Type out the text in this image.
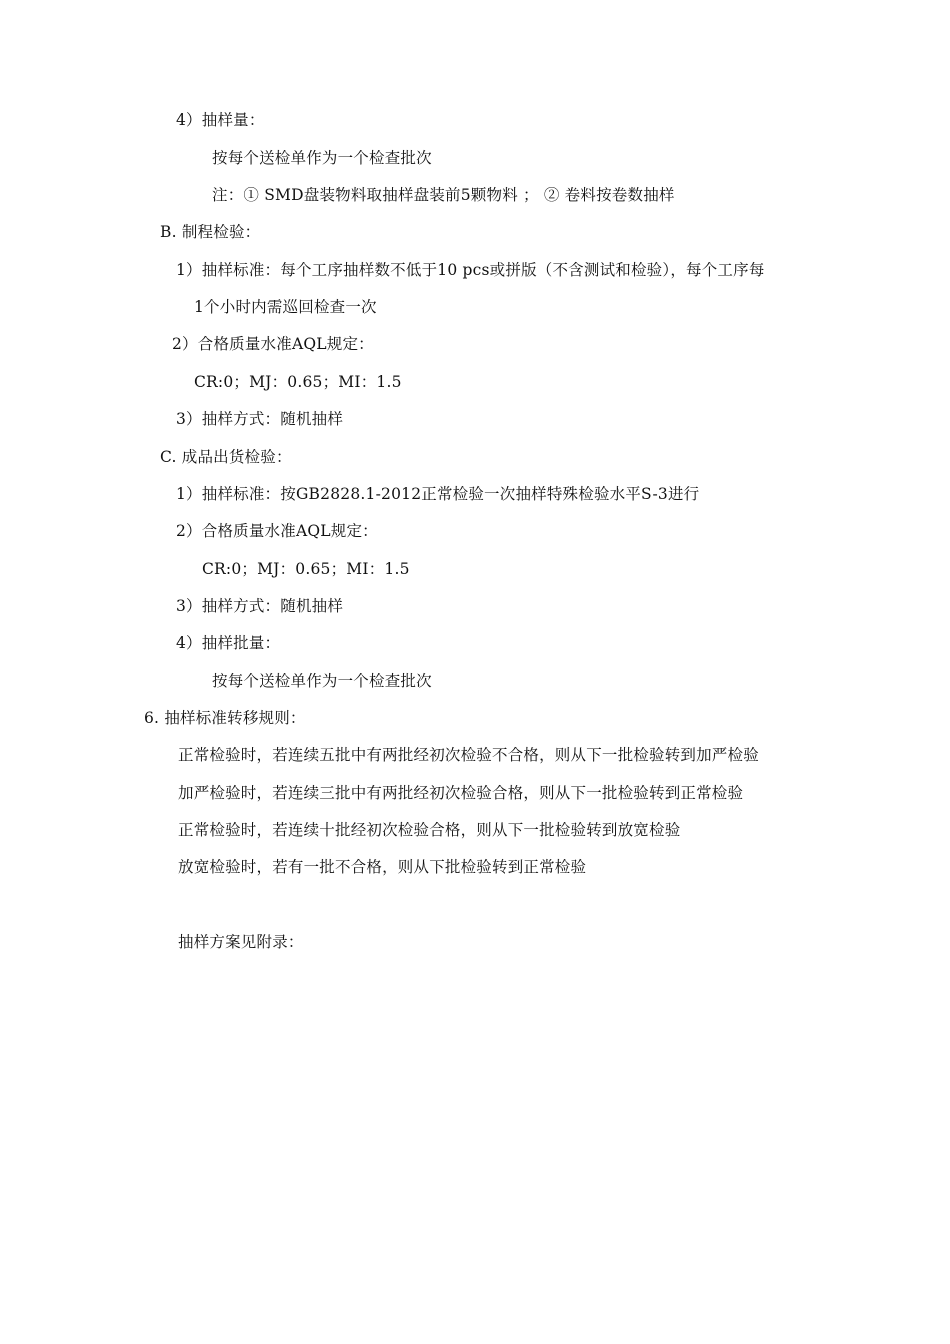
4）抽样量：
按每个送检单作为一个检查批次
注：① SMD盘装物料取抽样盘装前5颗物料 ； ② 卷料按卷数抽样
B. 制程检验：
1）抽样标准：每个工序抽样数不低于10 pcs或拼版（不含测试和检验），每个工序每
1个小时内需巡回检查一次
2）合格质量水准AQL规定：
CR:0；MJ：0.65；MI：1.5
3）抽样方式：随机抽样
C. 成品出货检验：
1）抽样标准：按GB2828.1-2012正常检验一次抽样特殊检验水平S-3进行
2）合格质量水准AQL规定：
CR:0；MJ：0.65；MI：1.5
3）抽样方式：随机抽样
4）抽样批量：
按每个送检单作为一个检查批次
6. 抽样标准转移规则：
正常检验时，若连续五批中有两批经初次检验不合格，则从下一批检验转到加严检验
加严检验时，若连续三批中有两批经初次检验合格，则从下一批检验转到正常检验
正常检验时，若连续十批经初次检验合格，则从下一批检验转到放宽检验
放宽检验时，若有一批不合格，则从下批检验转到正常检验
抽样方案见附录：
